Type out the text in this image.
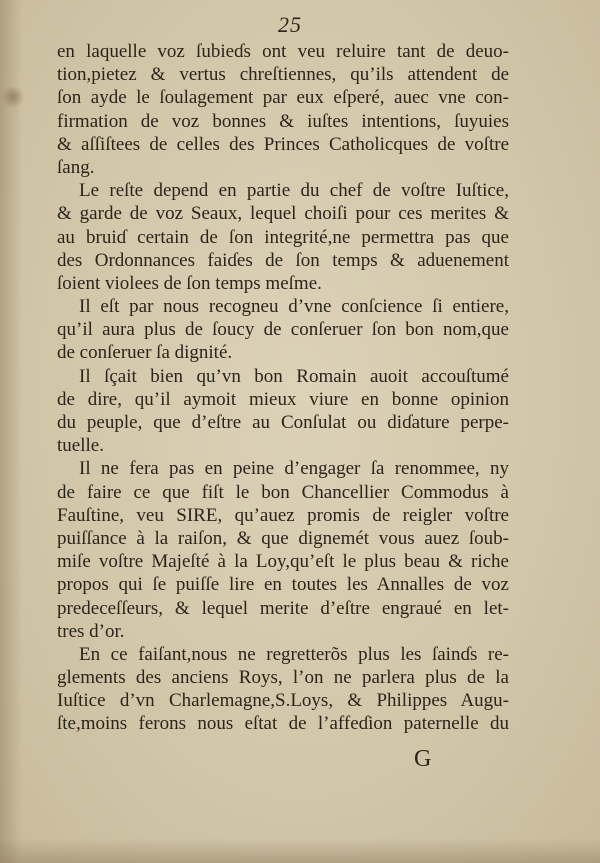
25
en laquelle voz ſubieɗs ont veu reluire tant de deuo-
tion,pietez & vertus chreſtiennes, qu’ils attendent de
ſon ayde le ſoulagement par eux eſperé, auec vne con-
firmation de voz bonnes & iuſtes intentions, ſuyuies
& aſſiſtees de celles des Princes Catholicques de voſtre
ſang.
Le reſte depend en partie du chef de voſtre Iuſtice,
& garde de voz Seaux, lequel choiſi pour ces merites &
au bruiɗ certain de ſon integrité,ne permettra pas que
des Ordonnances faiɗes de ſon temps & aduenement
ſoient violees de ſon temps meſme.
Il eſt par nous recogneu d’vne conſcience ſi entiere,
qu’il aura plus de ſoucy de conſeruer ſon bon nom,que
de conſeruer ſa dignité.
Il ſçait bien qu’vn bon Romain auoit accouſtumé
de dire, qu’il aymoit mieux viure en bonne opinion
du peuple, que d’eſtre au Conſulat ou diɗature perpe-
tuelle.
Il ne fera pas en peine d’engager ſa renommee, ny
de faire ce que fiſt le bon Chancellier Commodus à
Fauſtine, veu SIRE, qu’auez promis de reigler voſtre
puiſſance à la raiſon, & que dignemét vous auez ſoub-
miſe voſtre Majeſté à la Loy,qu’eſt le plus beau & riche
propos qui ſe puiſſe lire en toutes les Annalles de voz
predeceſſeurs, & lequel merite d’eſtre engraué en let-
tres d’or.
En ce faiſant,nous ne regretterõs plus les ſainɗs re-
glements des anciens Roys, l’on ne parlera plus de la
Iuſtice d’vn Charlemagne,S.Loys, & Philippes Augu-
ſte,moins ferons nous eſtat de l’affeɗion paternelle du
G
